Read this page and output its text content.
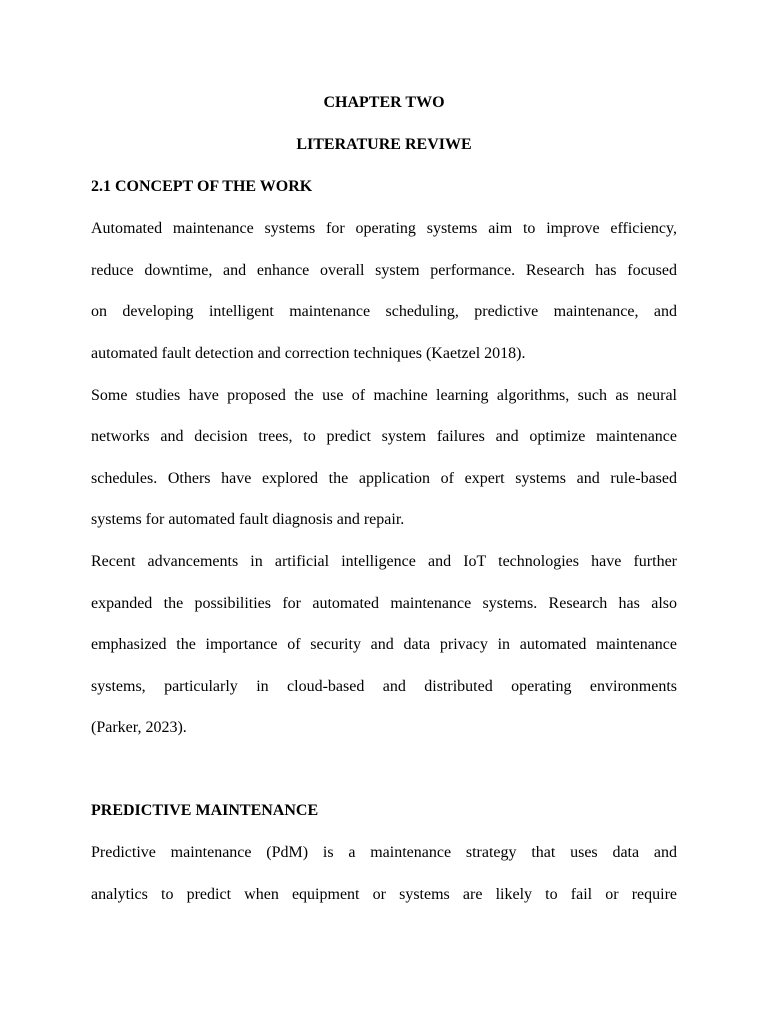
CHAPTER TWO
LITERATURE REVIWE
2.1 CONCEPT OF THE WORK
Automated maintenance systems for operating systems aim to improve efficiency,
reduce downtime, and enhance overall system performance. Research has focused
on developing intelligent maintenance scheduling, predictive maintenance, and
automated fault detection and correction techniques (Kaetzel 2018).
Some studies have proposed the use of machine learning algorithms, such as neural
networks and decision trees, to predict system failures and optimize maintenance
schedules. Others have explored the application of expert systems and rule-based
systems for automated fault diagnosis and repair.
Recent advancements in artificial intelligence and IoT technologies have further
expanded the possibilities for automated maintenance systems. Research has also
emphasized the importance of security and data privacy in automated maintenance
systems, particularly in cloud-based and distributed operating environments
(Parker, 2023).
PREDICTIVE MAINTENANCE
Predictive maintenance (PdM) is a maintenance strategy that uses data and
analytics to predict when equipment or systems are likely to fail or require
